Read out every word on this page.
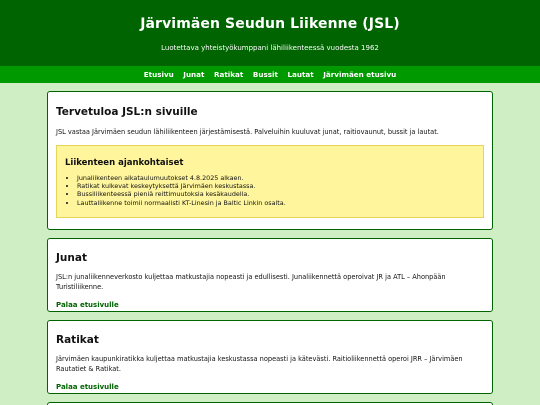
Järvimäen Seudun Liikenne (JSL)

Luotettava yhteistyökumppani lähiliikenteessä vuodesta 1962

Etusivu Junat Ratikat Bussit Lautat Järvimäen etusivu
Tervetuloa JSL:n sivuille

JSL vastaa Järvimäen seudun lähiliikenteen järjestämisestä. Palveluihin kuuluvat junat, raitiovaunut, bussit ja lautat.

Liikenteen ajankohtaiset
• Junaliikenteen aikataulumuutokset 4.8.2025 alkaen.
• Ratikat kulkevat keskeytyksettä Järvimäen keskustassa.
• Bussiliikenteessä pieniä reittimuutoksia kesäkaudella.
• Lauttaliikenne toimii normaalisti KT-Linesin ja Baltic Linkin osalta.
Junat

JSL:n junaliikenneverkosto kuljettaa matkustajia nopeasti ja edullisesti. Junaliikennettä operoivat JR ja ATL – Ahonpään Turistiliikenne.

Palaa etusivulle
Ratikat

Järvimäen kaupunkiratikka kuljettaa matkustajia keskustassa nopeasti ja kätevästi. Raitioliikennettä operoi JRR – Järvimäen Rautatiet & Ratikat.

Palaa etusivulle
